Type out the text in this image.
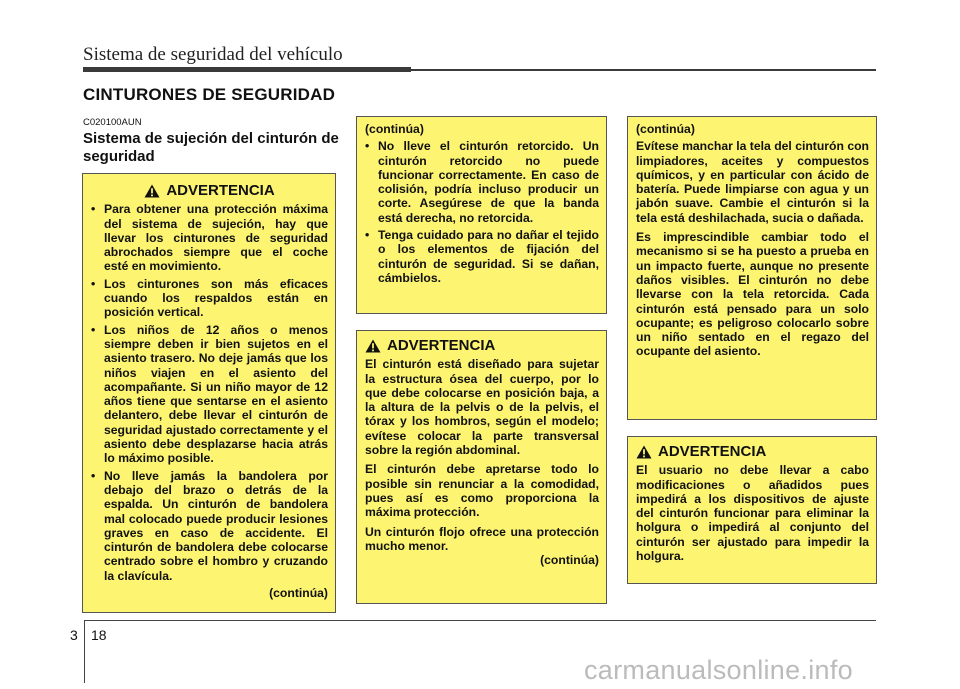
Sistema de seguridad del vehículo
CINTURONES DE SEGURIDAD
C020100AUN
Sistema de sujeción del cinturón de seguridad
ADVERTENCIA
• Para obtener una protección máxima del sistema de sujeción, hay que llevar los cinturones de seguridad abrochados siempre que el coche esté en movimiento.
• Los cinturones son más eficaces cuando los respaldos están en posición vertical.
• Los niños de 12 años o menos siempre deben ir bien sujetos en el asiento trasero. No deje jamás que los niños viajen en el asiento del acompañante. Si un niño mayor de 12 años tiene que sentarse en el asiento delantero, debe llevar el cinturón de seguridad ajustado correctamente y el asiento debe desplazarse hacia atrás lo máximo posible.
• No lleve jamás la bandolera por debajo del brazo o detrás de la espalda. Un cinturón de bandolera mal colocado puede producir lesiones graves en caso de accidente. El cinturón de bandolera debe colocarse centrado sobre el hombro y cruzando la clavícula.
(continúa)
(continúa)
• No lleve el cinturón retorcido. Un cinturón retorcido no puede funcionar correctamente. En caso de colisión, podría incluso producir un corte. Asegúrese de que la banda está derecha, no retorcida.
• Tenga cuidado para no dañar el tejido o los elementos de fijación del cinturón de seguridad. Si se dañan, cámbielos.
ADVERTENCIA

El cinturón está diseñado para sujetar la estructura ósea del cuerpo, por lo que debe colocarse en posición baja, a la altura de la pelvis o de la pelvis, el tórax y los hombros, según el modelo; evítese colocar la parte transversal sobre la región abdominal.

El cinturón debe apretarse todo lo posible sin renunciar a la comodidad, pues así es como proporciona la máxima protección.

Un cinturón flojo ofrece una protección mucho menor.

(continúa)
(continúa)

Evítese manchar la tela del cinturón con limpiadores, aceites y compuestos químicos, y en particular con ácido de batería. Puede limpiarse con agua y un jabón suave. Cambie el cinturón si la tela está deshilachada, sucia o dañada.

Es imprescindible cambiar todo el mecanismo si se ha puesto a prueba en un impacto fuerte, aunque no presente daños visibles. El cinturón no debe llevarse con la tela retorcida. Cada cinturón está pensado para un solo ocupante; es peligroso colocarlo sobre un niño sentado en el regazo del ocupante del asiento.

ADVERTENCIA

El usuario no debe llevar a cabo modificaciones o añadidos pues impedirá a los dispositivos de ajuste del cinturón funcionar para eliminar la holgura o impedirá al conjunto del cinturón ser ajustado para impedir la holgura.

3 18
carmanualsonline.info
